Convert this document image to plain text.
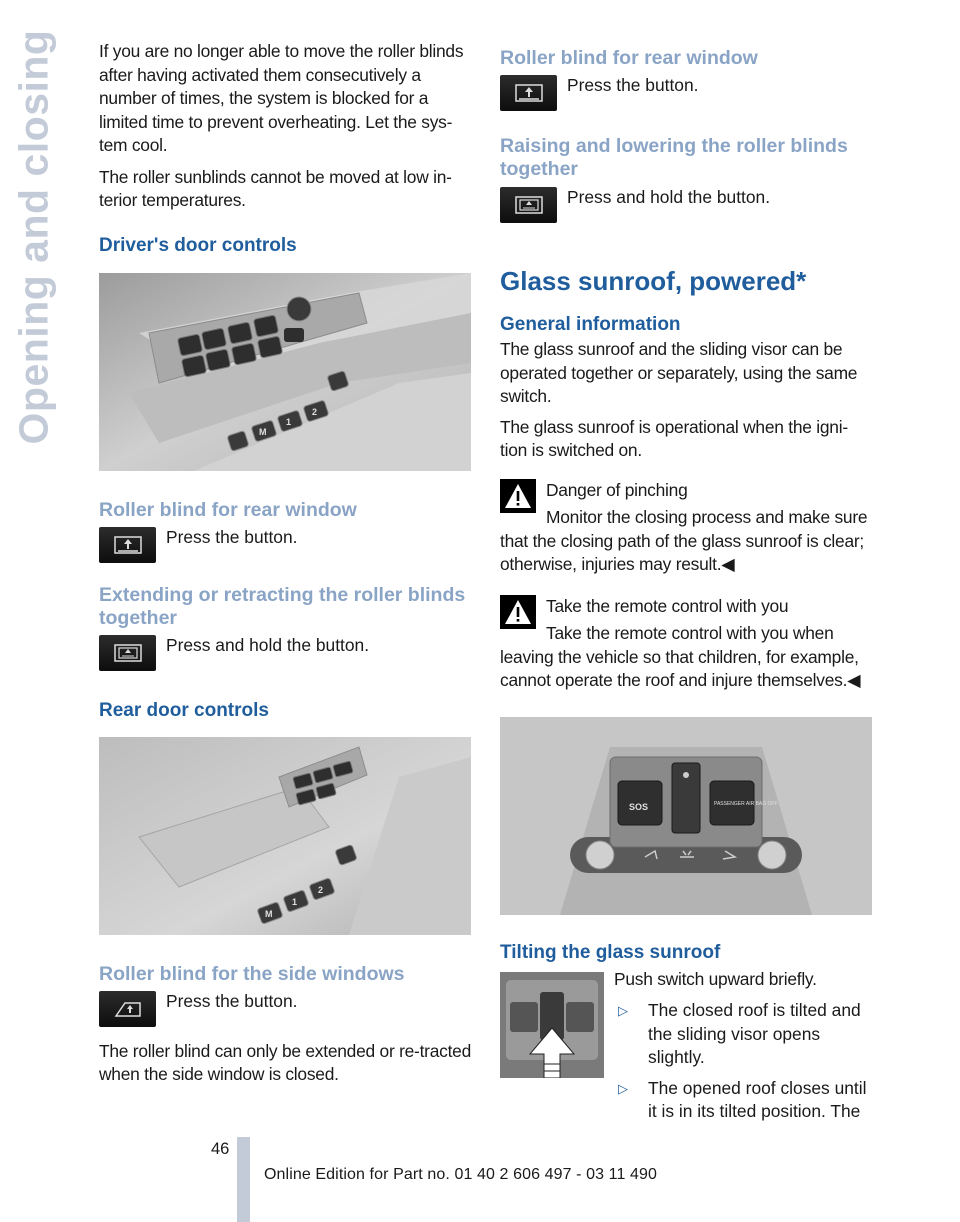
Opening and closing If you are no longer able to move the roller blinds after having activated them consecutively a number of times, the system is blocked for a limited time to prevent overheating. Let the sys‐tem cool.

The roller sunblinds cannot be moved at low in‐terior temperatures.

Driver's door controls
M
1
2
Roller blind for rear window
Press the button.
Extending or retracting the roller blinds together
Press and hold the button.
Rear door controls
M
1
2
Roller blind for the side windows
Press the button.

The roller blind can only be extended or re‐tracted when the side window is closed.

Roller blind for rear window
Press the button.
Raising and lowering the roller blinds together
Press and hold the button.
Glass sunroof, powered*
General information

The glass sunroof and the sliding visor can be operated together or separately, using the same switch.

The glass sunroof is operational when the igni‐tion is switched on.

Danger of pinching

Monitor the closing process and make sure that the closing path of the glass sunroof is clear; otherwise, injuries may result.◀

Take the remote control with you

Take the remote control with you when leaving the vehicle so that children, for example, cannot operate the roof and injure themselves.◀

SOS	PASSENGER AIR BAG OFF
Tilting the glass sunroof

Push switch upward briefly.

▷	The closed roof is tilted and the sliding visor opens slightly.
▷	The opened roof closes until it is in its tilted position. The
46
Online Edition for Part no. 01 40 2 606 497 - 03 11 490
